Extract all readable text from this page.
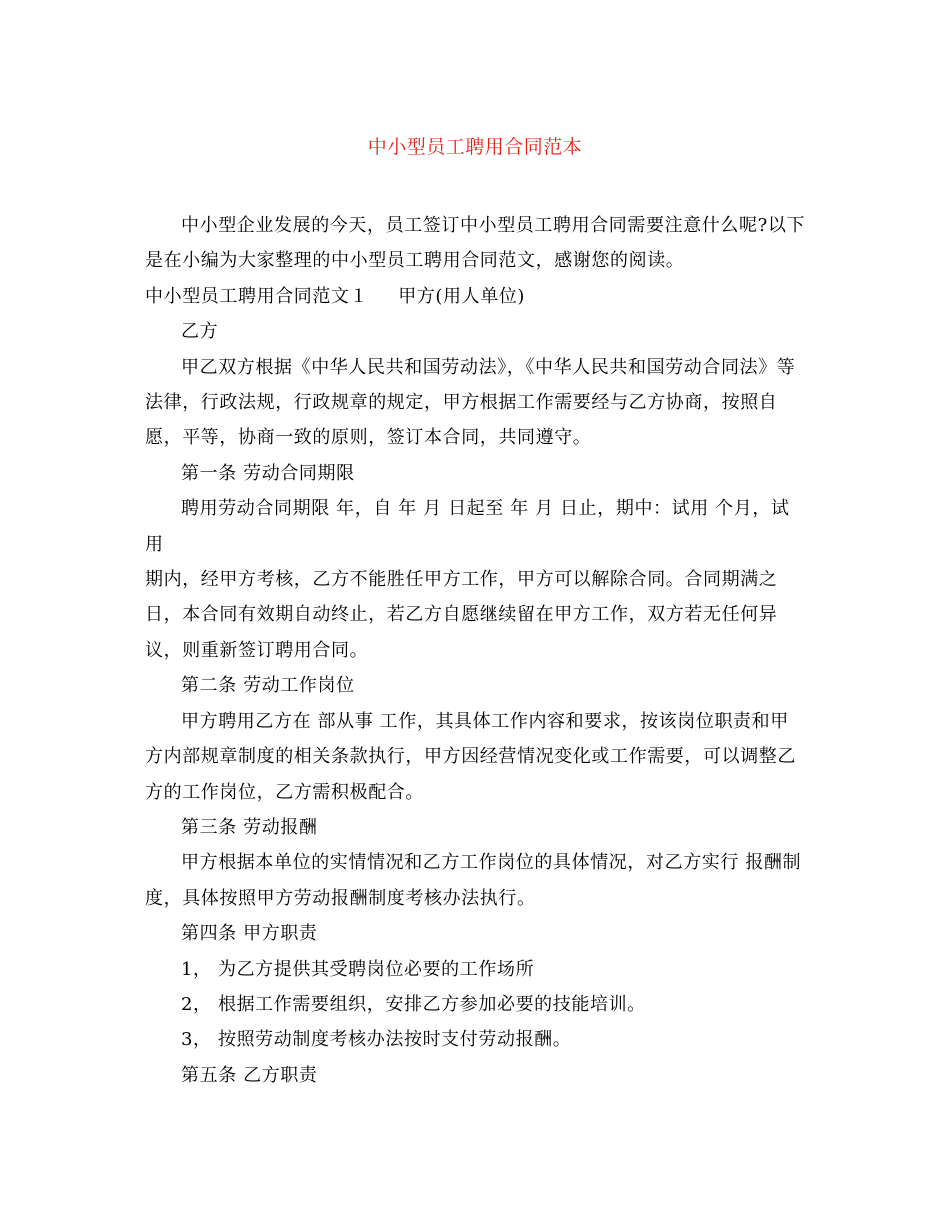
中小型员工聘用合同范本

中小型企业发展的今天，员工签订中小型员工聘用合同需要注意什么呢?以下是在小编为大家整理的中小型员工聘用合同范文，感谢您的阅读。

中小型员工聘用合同范文１ 甲方(用人单位)

乙方

甲乙双方根据《中华人民共和国劳动法》，《中华人民共和国劳动合同法》等法律，行政法规，行政规章的规定，甲方根据工作需要经与乙方协商，按照自愿，平等，协商一致的原则，签订本合同，共同遵守。

第一条 劳动合同期限

聘用劳动合同期限 年，自 年 月 日起至 年 月 日止，期中：试用 个月，试用

期内，经甲方考核，乙方不能胜任甲方工作，甲方可以解除合同。合同期满之

日，本合同有效期自动终止，若乙方自愿继续留在甲方工作，双方若无任何异

议，则重新签订聘用合同。

第二条 劳动工作岗位

甲方聘用乙方在 部从事 工作，其具体工作内容和要求，按该岗位职责和甲方内部规章制度的相关条款执行，甲方因经营情况变化或工作需要，可以调整乙方的工作岗位，乙方需积极配合。

第三条 劳动报酬

甲方根据本单位的实情情况和乙方工作岗位的具体情况，对乙方实行 报酬制度，具体按照甲方劳动报酬制度考核办法执行。

第四条 甲方职责

1， 为乙方提供其受聘岗位必要的工作场所

2， 根据工作需要组织，安排乙方参加必要的技能培训。

3， 按照劳动制度考核办法按时支付劳动报酬。

第五条 乙方职责
